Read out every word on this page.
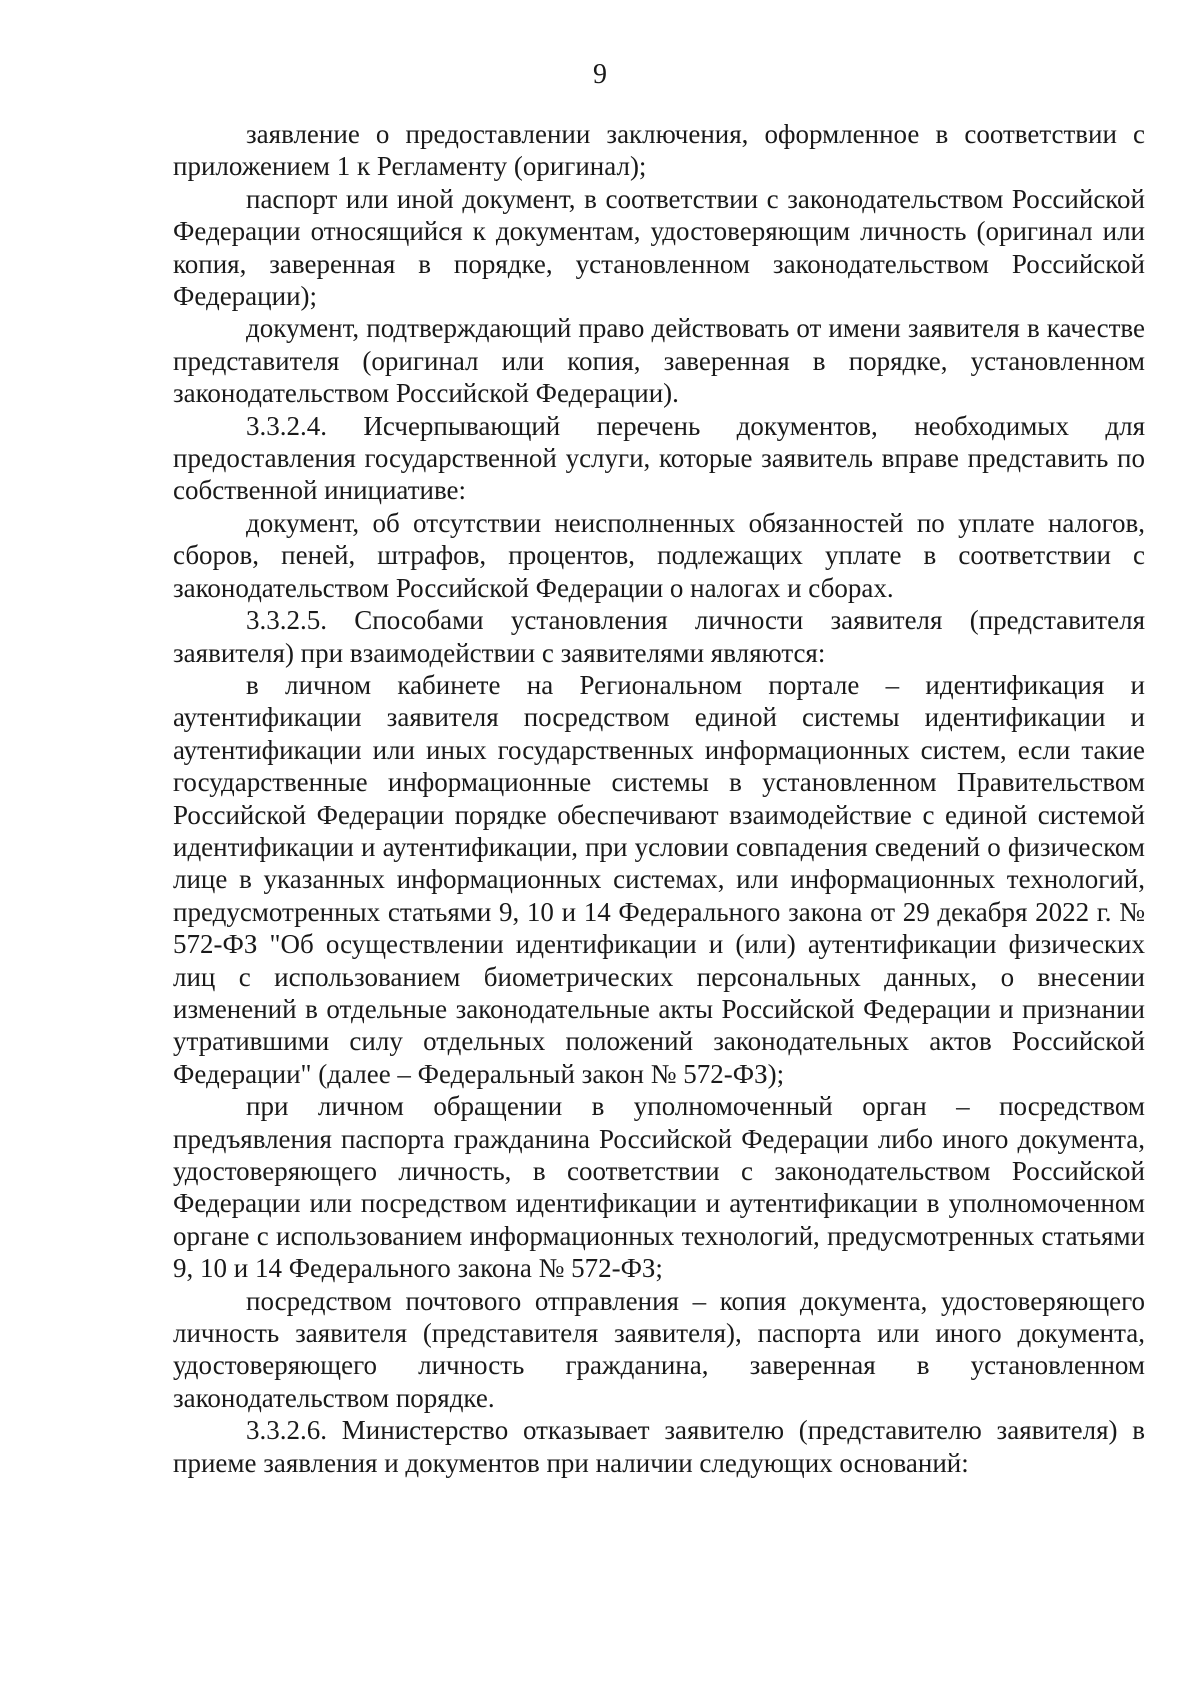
9

заявление о предоставлении заключения, оформленное в соответствии с приложением 1 к Регламенту (оригинал);

паспорт или иной документ, в соответствии с законодательством Российской Федерации относящийся к документам, удостоверяющим личность (оригинал или копия, заверенная в порядке, установленном законодательством Российской Федерации);

документ, подтверждающий право действовать от имени заявителя в качестве представителя (оригинал или копия, заверенная в порядке, установленном законодательством Российской Федерации).

3.3.2.4. Исчерпывающий перечень документов, необходимых для предоставления государственной услуги, которые заявитель вправе представить по собственной инициативе:

документ, об отсутствии неисполненных обязанностей по уплате налогов, сборов, пеней, штрафов, процентов, подлежащих уплате в соответствии с законодательством Российской Федерации о налогах и сборах.

3.3.2.5. Способами установления личности заявителя (представителя заявителя) при взаимодействии с заявителями являются:

в личном кабинете на Региональном портале – идентификация и аутентификации заявителя посредством единой системы идентификации и аутентификации или иных государственных информационных систем, если такие государственные информационные системы в установленном Правительством Российской Федерации порядке обеспечивают взаимодействие с единой системой идентификации и аутентификации, при условии совпадения сведений о физическом лице в указанных информационных системах, или информационных технологий, предусмотренных статьями 9, 10 и 14 Федерального закона от 29 декабря 2022 г. № 572-ФЗ "Об осуществлении идентификации и (или) аутентификации физических лиц с использованием биометрических персональных данных, о внесении изменений в отдельные законодательные акты Российской Федерации и признании утратившими силу отдельных положений законодательных актов Российской Федерации" (далее – Федеральный закон № 572-ФЗ);

при личном обращении в уполномоченный орган – посредством предъявления паспорта гражданина Российской Федерации либо иного документа, удостоверяющего личность, в соответствии с законодательством Российской Федерации или посредством идентификации и аутентификации в уполномоченном органе с использованием информационных технологий, предусмотренных статьями 9, 10 и 14 Федерального закона № 572-ФЗ;

посредством почтового отправления – копия документа, удостоверяющего личность заявителя (представителя заявителя), паспорта или иного документа, удостоверяющего личность гражданина, заверенная в установленном законодательством порядке.

3.3.2.6. Министерство отказывает заявителю (представителю заявителя) в приеме заявления и документов при наличии следующих оснований:
